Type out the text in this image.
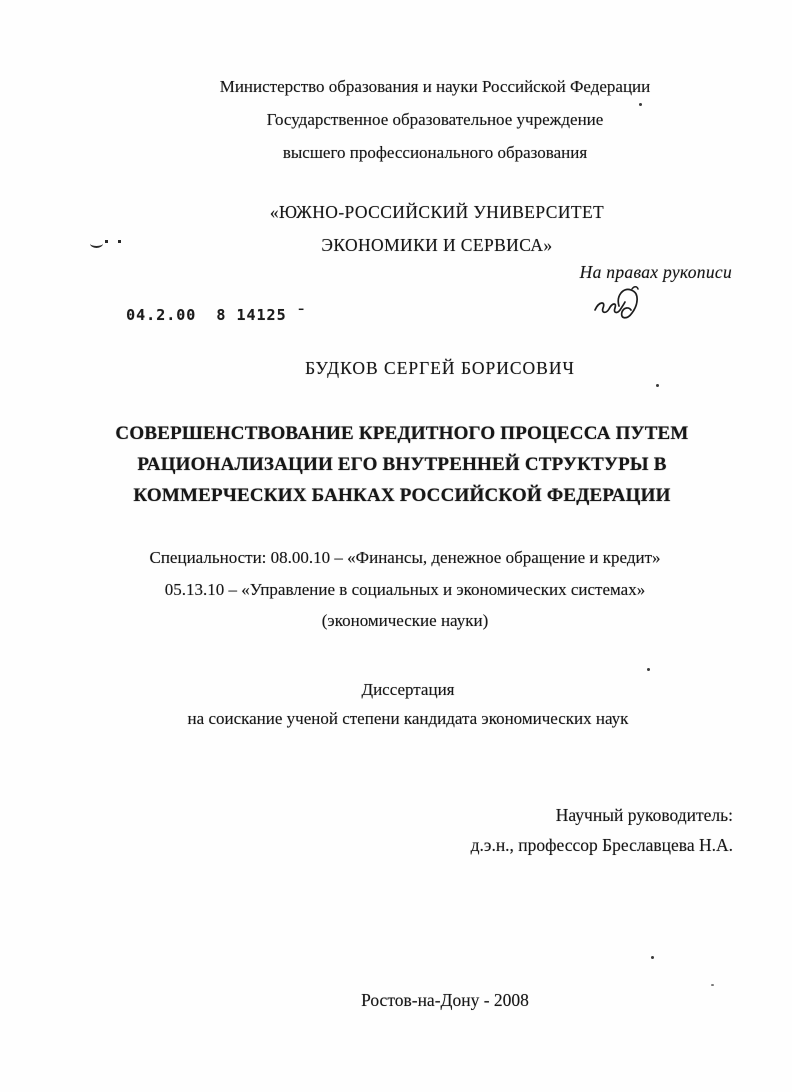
Министерство образования и науки Российской Федерации

Государственное образовательное учреждение

высшего профессионального образования

«ЮЖНО-РОССИЙСКИЙ УНИВЕРСИТЕТ

ЭКОНОМИКИ И СЕРВИСА»

04.2.00  8 14125 ˉ

На правах рукописи
БУДКОВ СЕРГЕЙ БОРИСОВИЧ

СОВЕРШЕНСТВОВАНИЕ КРЕДИТНОГО ПРОЦЕССА ПУТЕМ

РАЦИОНАЛИЗАЦИИ ЕГО ВНУТРЕННЕЙ СТРУКТУРЫ В

КОММЕРЧЕСКИХ БАНКАХ РОССИЙСКОЙ ФЕДЕРАЦИИ

Специальности: 08.00.10 – «Финансы, денежное обращение и кредит»

05.13.10 – «Управление в социальных и экономических системах»

(экономические науки)

Диссертация

на соискание ученой степени кандидата экономических наук

Научный руководитель:

д.э.н., профессор Бреславцева Н.А.

Ростов-на-Дону - 2008
